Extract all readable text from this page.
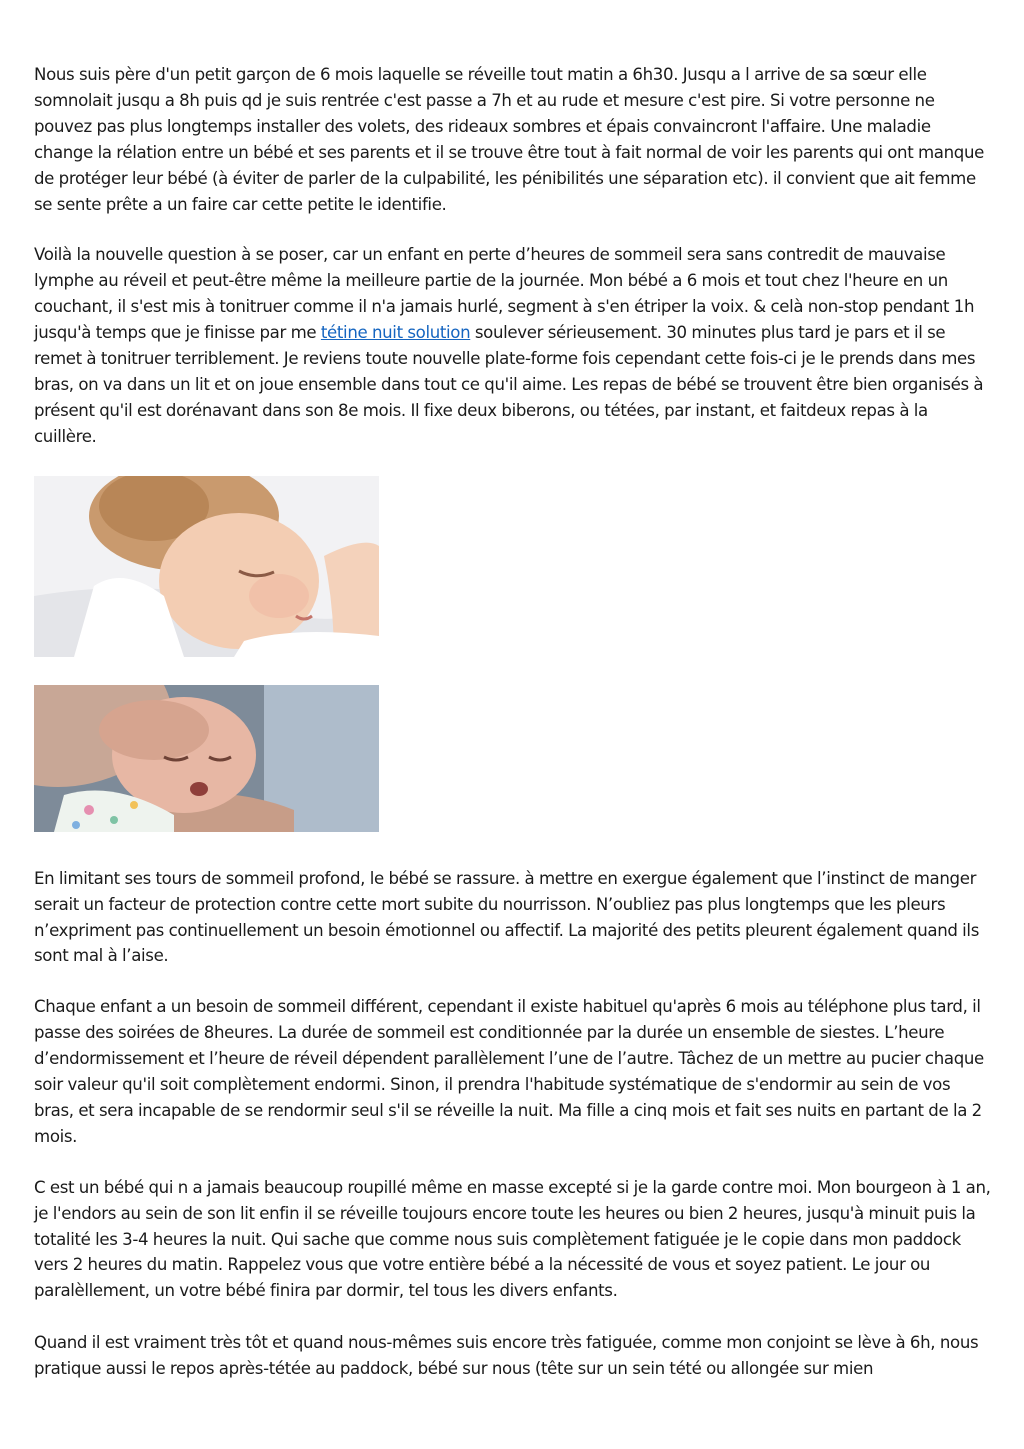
Nous suis père d'un petit garçon de 6 mois laquelle se réveille tout matin a 6h30. Jusqu a l arrive de sa sœur elle somnolait jusqu a 8h puis qd je suis rentrée c'est passe a 7h et au rude et mesure c'est pire. Si votre personne ne pouvez pas plus longtemps installer des volets, des rideaux sombres et épais convaincront l'affaire. Une maladie change la rélation entre un bébé et ses parents et il se trouve être tout à fait normal de voir les parents qui ont manque de protéger leur bébé (à éviter de parler de la culpabilité, les pénibilités une séparation etc). il convient que ait femme se sente prête a un faire car cette petite le identifie.

Voilà la nouvelle question à se poser, car un enfant en perte d’heures de sommeil sera sans contredit de mauvaise lymphe au réveil et peut-être même la meilleure partie de la journée. Mon bébé a 6 mois et tout chez l'heure en un couchant, il s'est mis à tonitruer comme il n'a jamais hurlé, segment à s'en étriper la voix. & celà non-stop pendant 1h jusqu'à temps que je finisse par me tétine nuit solution soulever sérieusement. 30 minutes plus tard je pars et il se remet à tonitruer terriblement. Je reviens toute nouvelle plate-forme fois cependant cette fois-ci je le prends dans mes bras, on va dans un lit et on joue ensemble dans tout ce qu'il aime. Les repas de bébé se trouvent être bien organisés à présent qu'il est dorénavant dans son 8e mois. Il fixe deux biberons, ou tétées, par instant, et faitdeux repas à la cuillère.

En limitant ses tours de sommeil profond, le bébé se rassure. à mettre en exergue également que l’instinct de manger serait un facteur de protection contre cette mort subite du nourrisson. N’oubliez pas plus longtemps que les pleurs n’expriment pas continuellement un besoin émotionnel ou affectif. La majorité des petits pleurent également quand ils sont mal à l’aise.

Chaque enfant a un besoin de sommeil différent, cependant il existe habituel qu'après 6 mois au téléphone plus tard, il passe des soirées de 8heures. La durée de sommeil est conditionnée par la durée un ensemble de siestes. L’heure d’endormissement et l’heure de réveil dépendent parallèlement l’une de l’autre. Tâchez de un mettre au pucier chaque soir valeur qu'il soit complètement endormi. Sinon, il prendra l'habitude systématique de s'endormir au sein de vos bras, et sera incapable de se rendormir seul s'il se réveille la nuit. Ma fille a cinq mois et fait ses nuits en partant de la 2 mois.

C est un bébé qui n a jamais beaucoup roupillé même en masse excepté si je la garde contre moi. Mon bourgeon à 1 an, je l'endors au sein de son lit enfin il se réveille toujours encore toute les heures ou bien 2 heures, jusqu'à minuit puis la totalité les 3-4 heures la nuit. Qui sache que comme nous suis complètement fatiguée je le copie dans mon paddock vers 2 heures du matin. Rappelez vous que votre entière bébé a la nécessité de vous et soyez patient. Le jour ou paralèllement, un votre bébé finira par dormir, tel tous les divers enfants.

Quand il est vraiment très tôt et quand nous-mêmes suis encore très fatiguée, comme mon conjoint se lève à 6h, nous pratique aussi le repos après-tétée au paddock, bébé sur nous (tête sur un sein tété ou allongée sur mien
